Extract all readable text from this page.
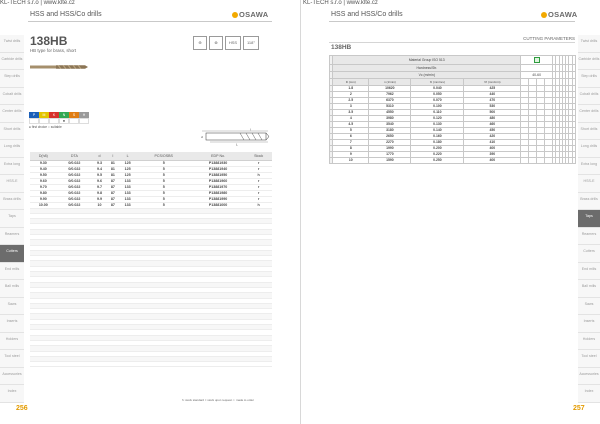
KL-TECH s.r.o | www.klte.cz
HSS and HSS/Co drills	OSAWA
Twist drills
Carbide drills
Step drills
Cobalt drills
Center drills
Short drills
Long drills
Extra long
HSS-E
Brass drills
Taps
Reamers
Cutters
End mills
Ball mills
Saws
Inserts
Holders
Tool steel
Accessories
Index
138HB
HB type for brass, short
⊕	⊗	HSS	118°
P	M	K	N	S	H
●
● first choice ○ suitable
d
l
L
D(h8)	DTA	d	l	L	PCS/OSBS	EDP No.	Stock
9.30	0/0.022	9.3	81	125	5	P13881930	r
9.40	0/0.022	9.4	81	125	5	P13881940	r
9.50	0/0.022	9.5	81	125	5	P13881950	h
9.60	0/0.022	9.6	87	133	5	P13881960	r
9.70	0/0.022	9.7	87	133	5	P13881970	r
9.80	0/0.022	9.8	87	133	5	P13881980	r
9.90	0/0.022	9.9	87	133	5	P13881990	r
10.00	0/0.022	10	87	133	5	P13881000	h

h: stock standard r: stock upon request ○: made to order
256
KL-TECH s.r.o | www.klte.cz
HSS and HSS/Co drills	OSAWA
CUTTING PARAMETERS
138HB
	Material Group ISO 513														
	Hardness/Str.														
	Vc (m/min)				40-60										
	D (mm)	n (1/min)	fz (mm/rev)	Vf (mm/min)											
	1.8	10620	0.040	425											
	2	7962	0.050	440											
	2.5	6370	0.070	470											
	3	5310	0.100	530											
	3.5	4550	0.110	500											
	4	3980	0.120	480											
	4.5	3540	0.130	460											
	5	3180	0.140	450											
	6	2650	0.160	420											
	7	2270	0.180	410											
	8	1990	0.200	400											
	9	1770	0.220	390											
	10	1590	0.250	400											
Twist drills
Carbide drills
Step drills
Cobalt drills
Center drills
Short drills
Long drills
Extra long
HSS-E
Brass drills
Taps
Reamers
Cutters
End mills
Ball mills
Saws
Inserts
Holders
Tool steel
Accessories
Index
257
